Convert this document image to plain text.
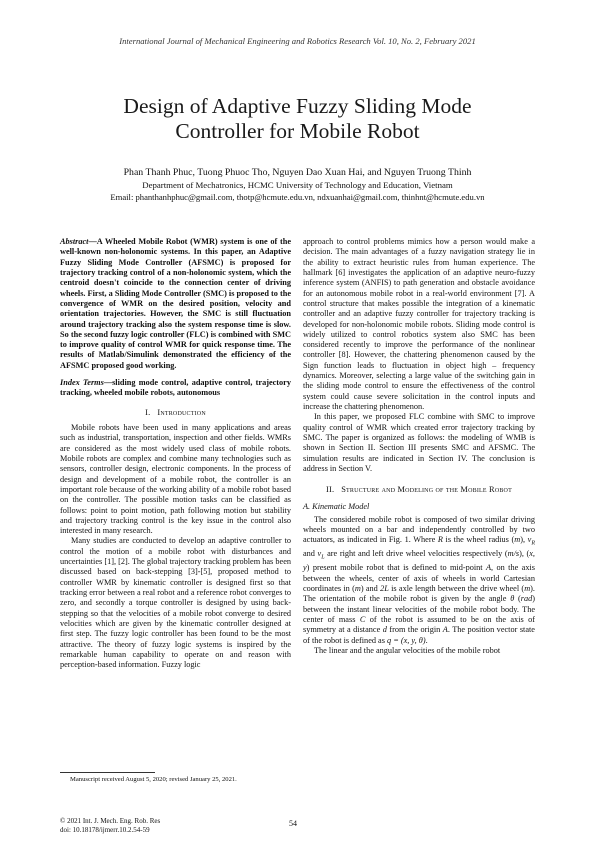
International Journal of Mechanical Engineering and Robotics Research Vol. 10, No. 2, February 2021
Design of Adaptive Fuzzy Sliding Mode
Controller for Mobile Robot
Phan Thanh Phuc, Tuong Phuoc Tho, Nguyen Dao Xuan Hai, and Nguyen Truong Thinh
Department of Mechatronics, HCMC University of Technology and Education, Vietnam
Email: phanthanhphuc@gmail.com, thotp@hcmute.edu.vn, ndxuanhai@gmail.com, thinhnt@hcmute.edu.vn

Abstract—A Wheeled Mobile Robot (WMR) system is one of the well-known non-holonomic systems. In this paper, an Adaptive Fuzzy Sliding Mode Controller (AFSMC) is proposed for trajectory tracking control of a non-holonomic system, which the centroid doesn't coincide to the connection center of driving wheels. First, a Sliding Mode Controller (SMC) is proposed to the convergence of WMR on the desired position, velocity and orientation trajectories. However, the SMC is still fluctuation around trajectory tracking also the system response time is slow. So the second fuzzy logic controller (FLC) is combined with SMC to improve quality of control WMR for quick response time. The results of Matlab/Simulink demonstrated the efficiency of the AFSMC proposed good working.

Index Terms—sliding mode control, adaptive control, trajectory tracking, wheeled mobile robots, autonomous

I. Introduction

Mobile robots have been used in many applications and areas such as industrial, transportation, inspection and other fields. WMRs are considered as the most widely used class of mobile robots. Mobile robots are complex and combine many technologies such as sensors, controller design, electronic components. In the process of design and development of a mobile robot, the controller is an important role because of the working ability of a mobile robot based on the controller. The possible motion tasks can be classified as follows: point to point motion, path following motion but stability and trajectory tracking control is the key issue in the control also interested in many research.

Many studies are conducted to develop an adaptive controller to control the motion of a mobile robot with disturbances and uncertainties [1], [2]. The global trajectory tracking problem has been discussed based on back-stepping [3]-[5], proposed method to controller WMR by kinematic controller is designed first so that tracking error between a real robot and a reference robot converges to zero, and secondly a torque controller is designed by using back-stepping so that the velocities of a mobile robot converge to desired velocities which are given by the kinematic controller designed at first step. The fuzzy logic controller has been found to be the most attractive. The theory of fuzzy logic systems is inspired by the remarkable human capability to operate on and reason with perception-based information. Fuzzy logic

approach to control problems mimics how a person would make a decision. The main advantages of a fuzzy navigation strategy lie in the ability to extract heuristic rules from human experience. The hallmark [6] investigates the application of an adaptive neuro-fuzzy inference system (ANFIS) to path generation and obstacle avoidance for an autonomous mobile robot in a real-world environment [7]. A control structure that makes possible the integration of a kinematic controller and an adaptive fuzzy controller for trajectory tracking is developed for non-holonomic mobile robots. Sliding mode control is widely utilized to control robotics system also SMC has been considered recently to improve the performance of the nonlinear controller [8]. However, the chattering phenomenon caused by the Sign function leads to fluctuation in object high – frequency dynamics. Moreover, selecting a large value of the switching gain in the sliding mode control to ensure the effectiveness of the control system could cause severe solicitation in the control inputs and increase the chattering phenomenon.

In this paper, we proposed FLC combine with SMC to improve quality control of WMR which created error trajectory tracking by SMC. The paper is organized as follows: the modeling of WMB is shown in Section II. Section III presents SMC and AFSMC. The simulation results are indicated in Section IV. The conclusion is address in Section V.

II. Structure and Modeling of the Mobile Robot
A. Kinematic Model

The considered mobile robot is composed of two similar driving wheels mounted on a bar and independently controlled by two actuators, as indicated in Fig. 1. Where R is the wheel radius (m), $v_R$ and $v_L$ are right and left drive wheel velocities respectively (m/s), (x, y) present mobile robot that is defined to mid-point A, on the axis between the wheels, center of axis of wheels in world Cartesian coordinates in (m) and 2L is axle length between the drive wheel (m). The orientation of the mobile robot is given by the angle θ (rad) between the instant linear velocities of the mobile robot body. The center of mass C of the robot is assumed to be on the axis of symmetry at a distance d from the origin A. The position vector state of the robot is defined as q = (x, y, θ).

The linear and the angular velocities of the mobile robot

Manuscript received August 5, 2020; revised January 25, 2021.
© 2021 Int. J. Mech. Eng. Rob. Res
doi: 10.18178/ijmerr.10.2.54-59
54
